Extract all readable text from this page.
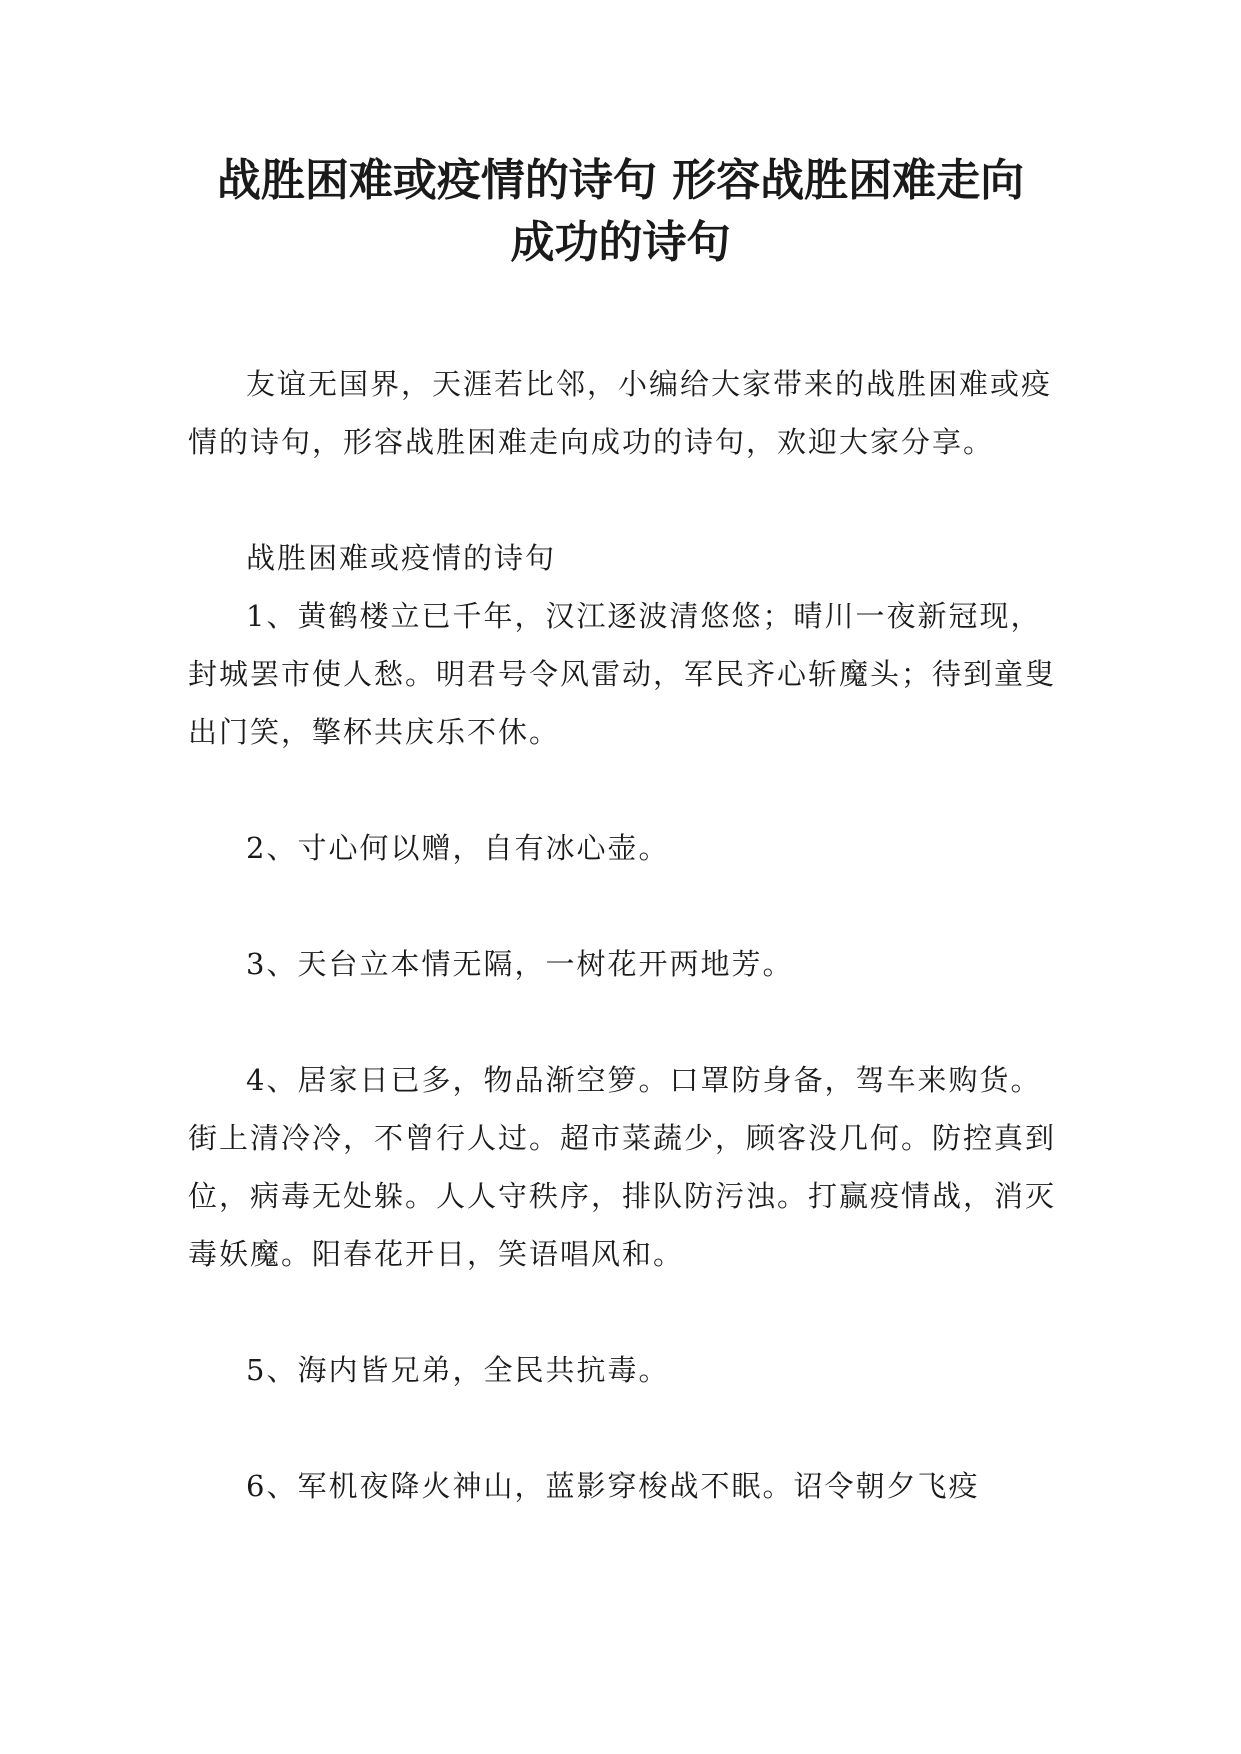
战胜困难或疫情的诗句 形容战胜困难走向
成功的诗句

友谊无国界，天涯若比邻，小编给大家带来的战胜困难或疫情的诗句，形容战胜困难走向成功的诗句，欢迎大家分享。

战胜困难或疫情的诗句

1、黄鹤楼立已千年，汉江逐波清悠悠；晴川一夜新冠现，封城罢市使人愁。明君号令风雷动，军民齐心斩魔头；待到童叟出门笑，擎杯共庆乐不休。

2、寸心何以赠，自有冰心壶。

3、天台立本情无隔，一树花开两地芳。

4、居家日已多，物品渐空箩。口罩防身备，驾车来购货。街上清冷冷，不曾行人过。超市菜蔬少，顾客没几何。防控真到位，病毒无处躲。人人守秩序，排队防污浊。打赢疫情战，消灭毒妖魔。阳春花开日，笑语唱风和。

5、海内皆兄弟，全民共抗毒。

6、军机夜降火神山，蓝影穿梭战不眠。诏令朝夕飞疫
